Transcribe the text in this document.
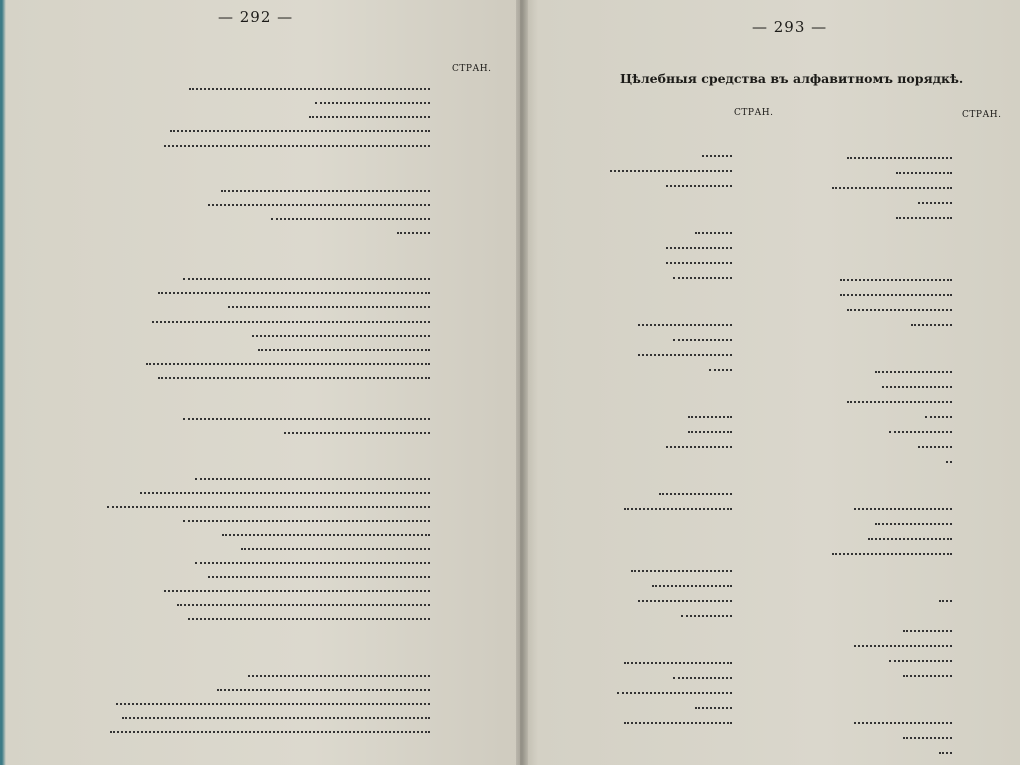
— 292 —
СТРАН.
— 293 —
Цѣлебныя средства въ алфавитномъ порядкѣ.
СТРАН.	СТРАН.
